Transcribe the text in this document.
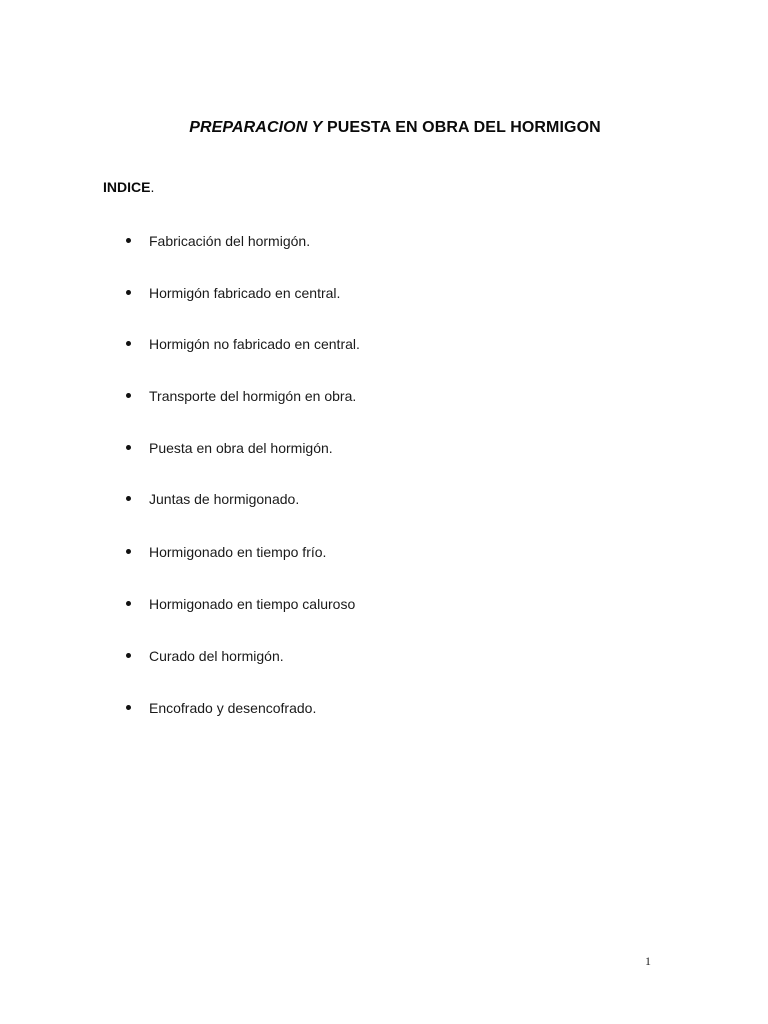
PREPARACION Y PUESTA EN OBRA DEL HORMIGON
INDICE.
Fabricación del hormigón.
Hormigón fabricado en central.
Hormigón no fabricado en central.
Transporte del hormigón en obra.
Puesta en obra del hormigón.
Juntas de hormigonado.
Hormigonado en tiempo frío.
Hormigonado en tiempo caluroso
Curado del hormigón.
Encofrado y desencofrado.
1
